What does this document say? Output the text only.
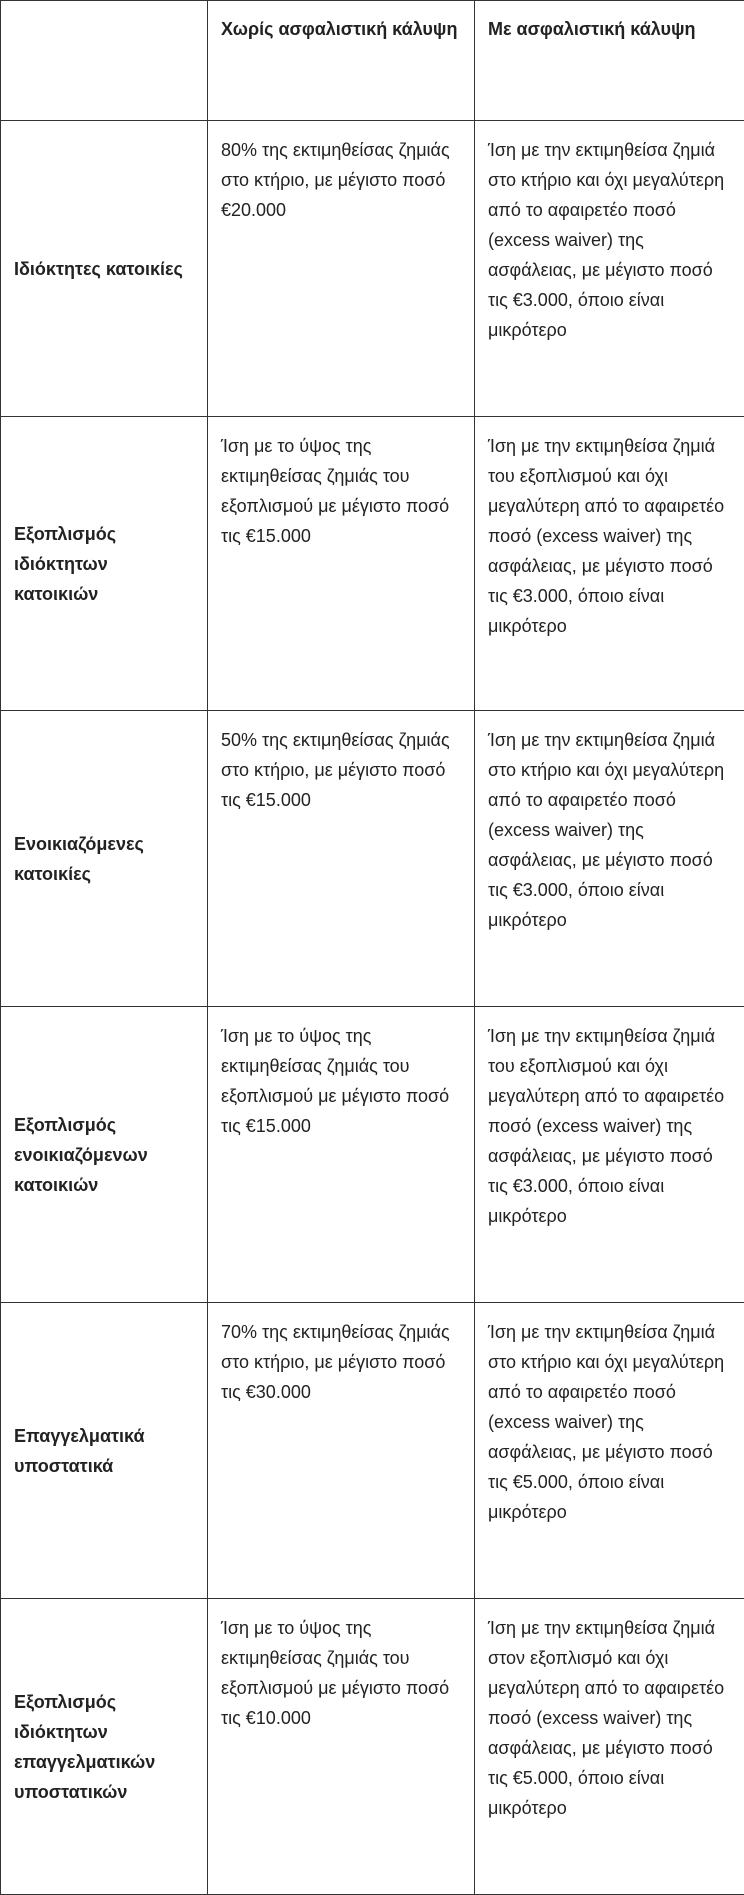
	Χωρίς ασφαλιστική κάλυψη	Με ασφαλιστική κάλυψη
Ιδιόκτητες κατοικίες	80% της εκτιμηθείσας ζημιάς στο κτήριο, με μέγιστο ποσό €20.000	Ίση με την εκτιμηθείσα ζημιά στο κτήριο και όχι μεγαλύτερη από το αφαιρετέο ποσό (excess waiver) της ασφάλειας, με μέγιστο ποσό τις €3.000, όποιο είναι μικρότερο
Εξοπλισμός ιδιόκτητων κατοικιών	Ίση με το ύψος της εκτιμηθείσας ζημιάς του εξοπλισμού με μέγιστο ποσό τις €15.000	Ίση με την εκτιμηθείσα ζημιά του εξοπλισμού και όχι μεγαλύτερη από το αφαιρετέο ποσό (excess waiver) της ασφάλειας, με μέγιστο ποσό τις €3.000, όποιο είναι μικρότερο
Ενοικιαζόμενες κατοικίες	50% της εκτιμηθείσας ζημιάς στο κτήριο, με μέγιστο ποσό τις €15.000	Ίση με την εκτιμηθείσα ζημιά στο κτήριο και όχι μεγαλύτερη από το αφαιρετέο ποσό (excess waiver) της ασφάλειας, με μέγιστο ποσό τις €3.000, όποιο είναι μικρότερο
Εξοπλισμός ενοικιαζόμενων κατοικιών	Ίση με το ύψος της εκτιμηθείσας ζημιάς του εξοπλισμού με μέγιστο ποσό τις €15.000	Ίση με την εκτιμηθείσα ζημιά του εξοπλισμού και όχι μεγαλύτερη από το αφαιρετέο ποσό (excess waiver) της ασφάλειας, με μέγιστο ποσό τις €3.000, όποιο είναι μικρότερο
Επαγγελματικά υποστατικά	70% της εκτιμηθείσας ζημιάς στο κτήριο, με μέγιστο ποσό τις €30.000	Ίση με την εκτιμηθείσα ζημιά στο κτήριο και όχι μεγαλύτερη από το αφαιρετέο ποσό (excess waiver) της ασφάλειας, με μέγιστο ποσό τις €5.000, όποιο είναι μικρότερο
Εξοπλισμός ιδιόκτητων επαγγελματικών υποστατικών	Ίση με το ύψος της εκτιμηθείσας ζημιάς του εξοπλισμού με μέγιστο ποσό τις €10.000	Ίση με την εκτιμηθείσα ζημιά στον εξοπλισμό και όχι μεγαλύτερη από το αφαιρετέο ποσό (excess waiver) της ασφάλειας, με μέγιστο ποσό τις €5.000, όποιο είναι μικρότερο
